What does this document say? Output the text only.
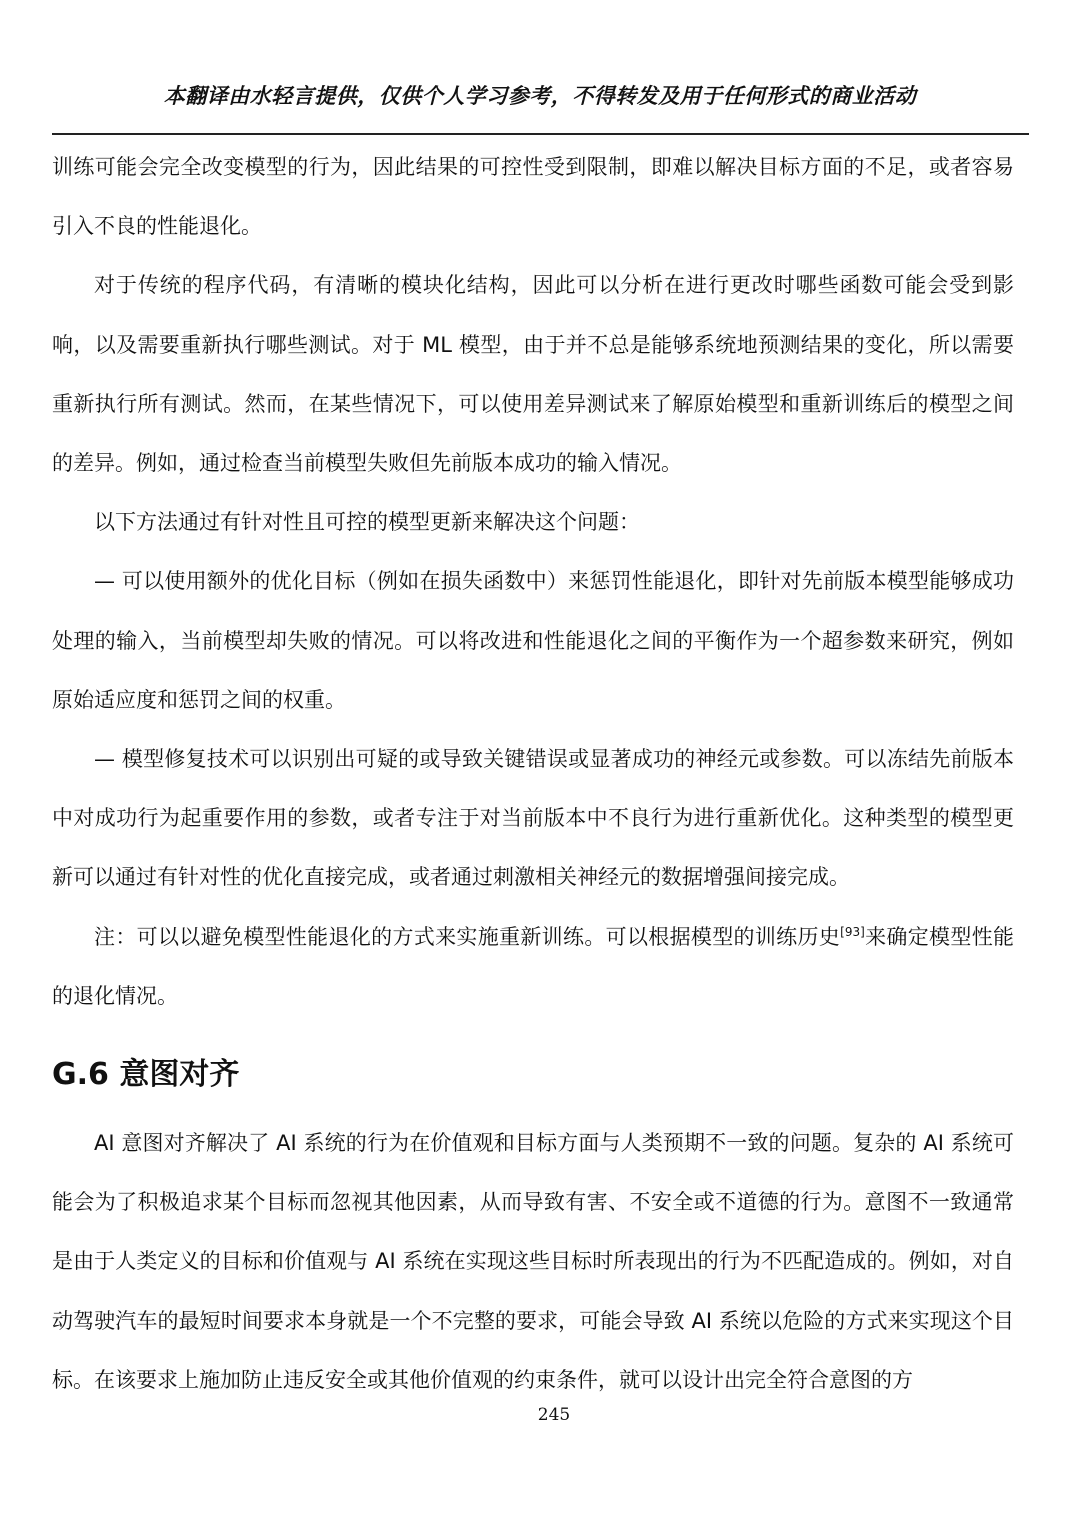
本翻译由水轻言提供，仅供个人学习参考，不得转发及用于任何形式的商业活动

训练可能会完全改变模型的行为，因此结果的可控性受到限制，即难以解决目标方面的不足，或者容易引入不良的性能退化。

对于传统的程序代码，有清晰的模块化结构，因此可以分析在进行更改时哪些函数可能会受到影响，以及需要重新执行哪些测试。对于 ML 模型，由于并不总是能够系统地预测结果的变化，所以需要重新执行所有测试。然而，在某些情况下，可以使用差异测试来了解原始模型和重新训练后的模型之间的差异。例如，通过检查当前模型失败但先前版本成功的输入情况。

以下方法通过有针对性且可控的模型更新来解决这个问题：

— 可以使用额外的优化目标（例如在损失函数中）来惩罚性能退化，即针对先前版本模型能够成功处理的输入，当前模型却失败的情况。可以将改进和性能退化之间的平衡作为一个超参数来研究，例如原始适应度和惩罚之间的权重。

— 模型修复技术可以识别出可疑的或导致关键错误或显著成功的神经元或参数。可以冻结先前版本中对成功行为起重要作用的参数，或者专注于对当前版本中不良行为进行重新优化。这种类型的模型更新可以通过有针对性的优化直接完成，或者通过刺激相关神经元的数据增强间接完成。

注：可以以避免模型性能退化的方式来实施重新训练。可以根据模型的训练历史[93]来确定模型性能的退化情况。

G.6 意图对齐

AI 意图对齐解决了 AI 系统的行为在价值观和目标方面与人类预期不一致的问题。复杂的 AI 系统可能会为了积极追求某个目标而忽视其他因素，从而导致有害、不安全或不道德的行为。意图不一致通常是由于人类定义的目标和价值观与 AI 系统在实现这些目标时所表现出的行为不匹配造成的。例如，对自动驾驶汽车的最短时间要求本身就是一个不完整的要求，可能会导致 AI 系统以危险的方式来实现这个目标。在该要求上施加防止违反安全或其他价值观的约束条件，就可以设计出完全符合意图的方

245
